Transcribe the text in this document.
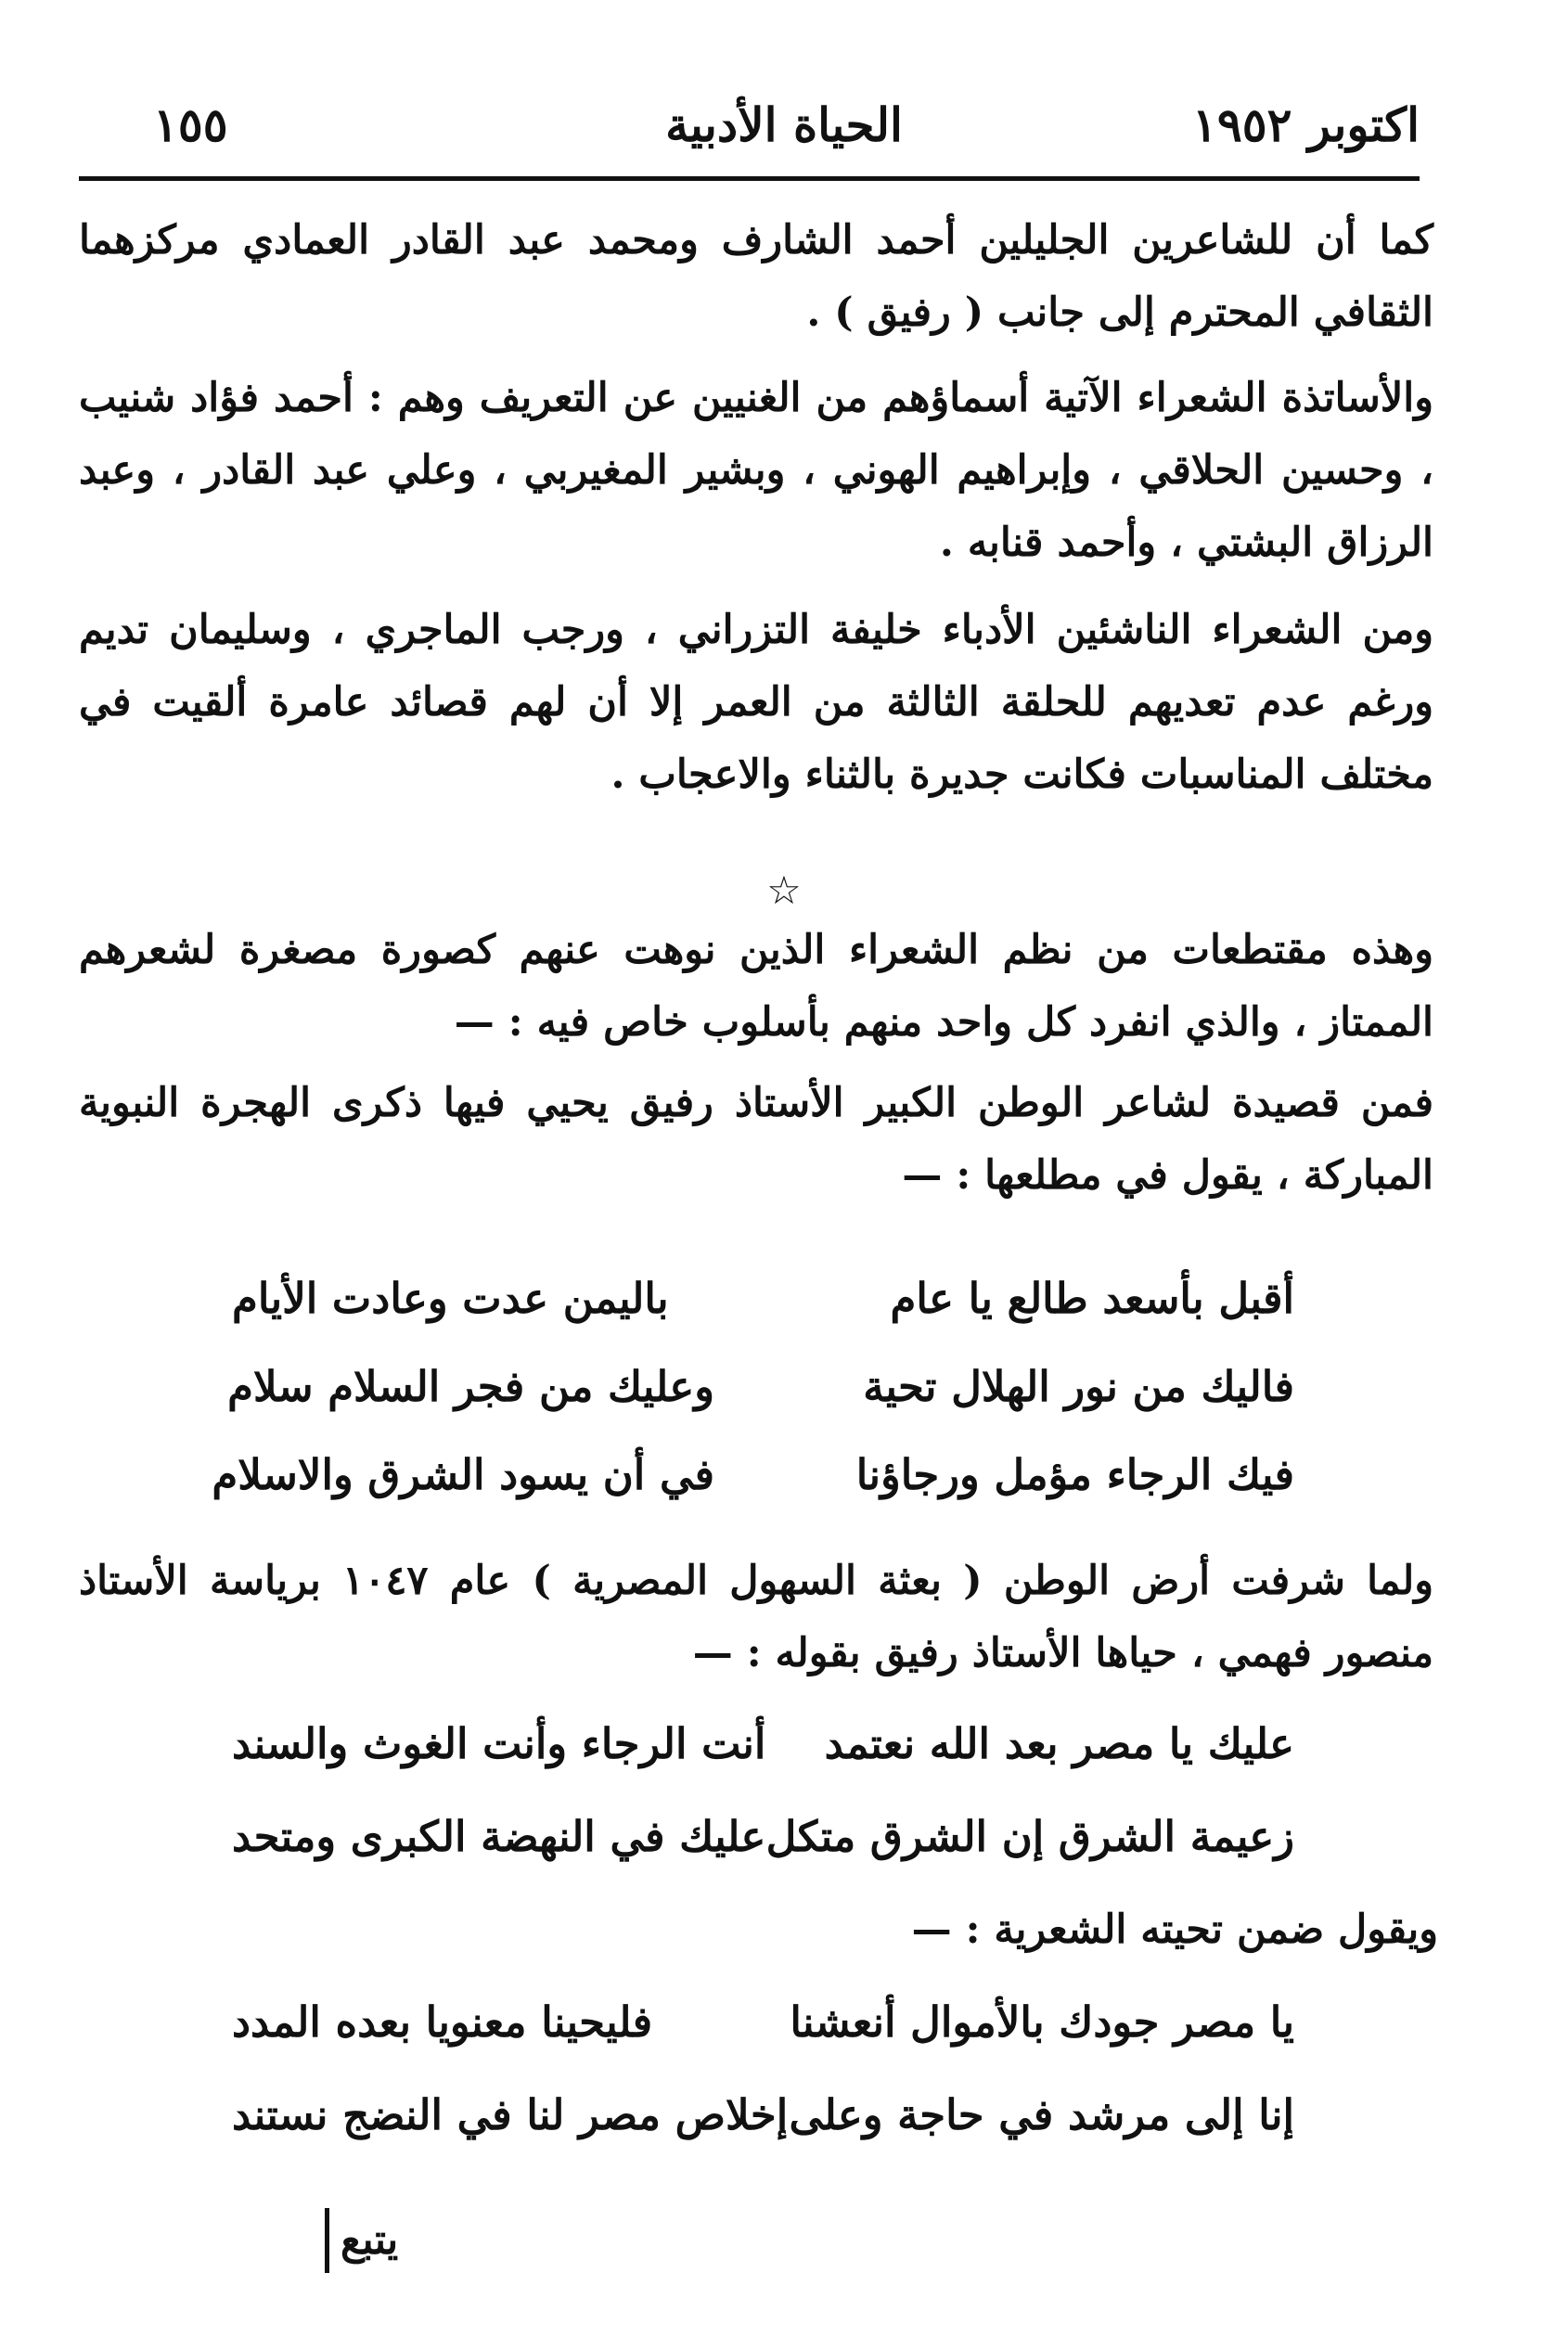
اكتوبر ١٩٥٢
الحياة الأدبية
١٥٥
كما أن للشاعرين الجليلين أحمد الشارف ومحمد عبد القادر العمادي مركزهما الثقافي المحترم إلى جانب ( رفيق ) .
والأساتذة الشعراء الآتية أسماؤهم من الغنيين عن التعريف وهم : أحمد فؤاد شنيب ، وحسين الحلاقي ، وإبراهيم الهوني ، وبشير المغيربي ، وعلي عبد القادر ، وعبد الرزاق البشتي ، وأحمد قنابه .
ومن الشعراء الناشئين الأدباء خليفة التزراني ، ورجب الماجري ، وسليمان تديم ورغم عدم تعديهم للحلقة الثالثة من العمر إلا أن لهم قصائد عامرة ألقيت في مختلف المناسبات فكانت جديرة بالثناء والاعجاب .
☆
وهذه مقتطعات من نظم الشعراء الذين نوهت عنهم كصورة مصغرة لشعرهم الممتاز ، والذي انفرد كل واحد منهم بأسلوب خاص فيه : —
فمن قصيدة لشاعر الوطن الكبير الأستاذ رفيق يحيي فيها ذكرى الهجرة النبوية المباركة ، يقول في مطلعها : —
أقبل بأسعد طالع يا عام
باليمن عدت وعادت الأيام
فاليك من نور الهلال تحية
وعليك من فجر السلام سلام
فيك الرجاء مؤمل ورجاؤنا
في أن يسود الشرق والاسلام
ولما شرفت أرض الوطن ( بعثة السهول المصرية ) عام ١٠٤٧ برياسة الأستاذ منصور فهمي ، حياها الأستاذ رفيق بقوله : —
عليك يا مصر بعد الله نعتمد
أنت الرجاء وأنت الغوث والسند
زعيمة الشرق إن الشرق متكل
عليك في النهضة الكبرى ومتحد
ويقول ضمن تحيته الشعرية : —
يا مصر جودك بالأموال أنعشنا
فليحينا معنويا بعده المدد
إنا إلى مرشد في حاجة وعلى
إخلاص مصر لنا في النضج نستند
يتبع
